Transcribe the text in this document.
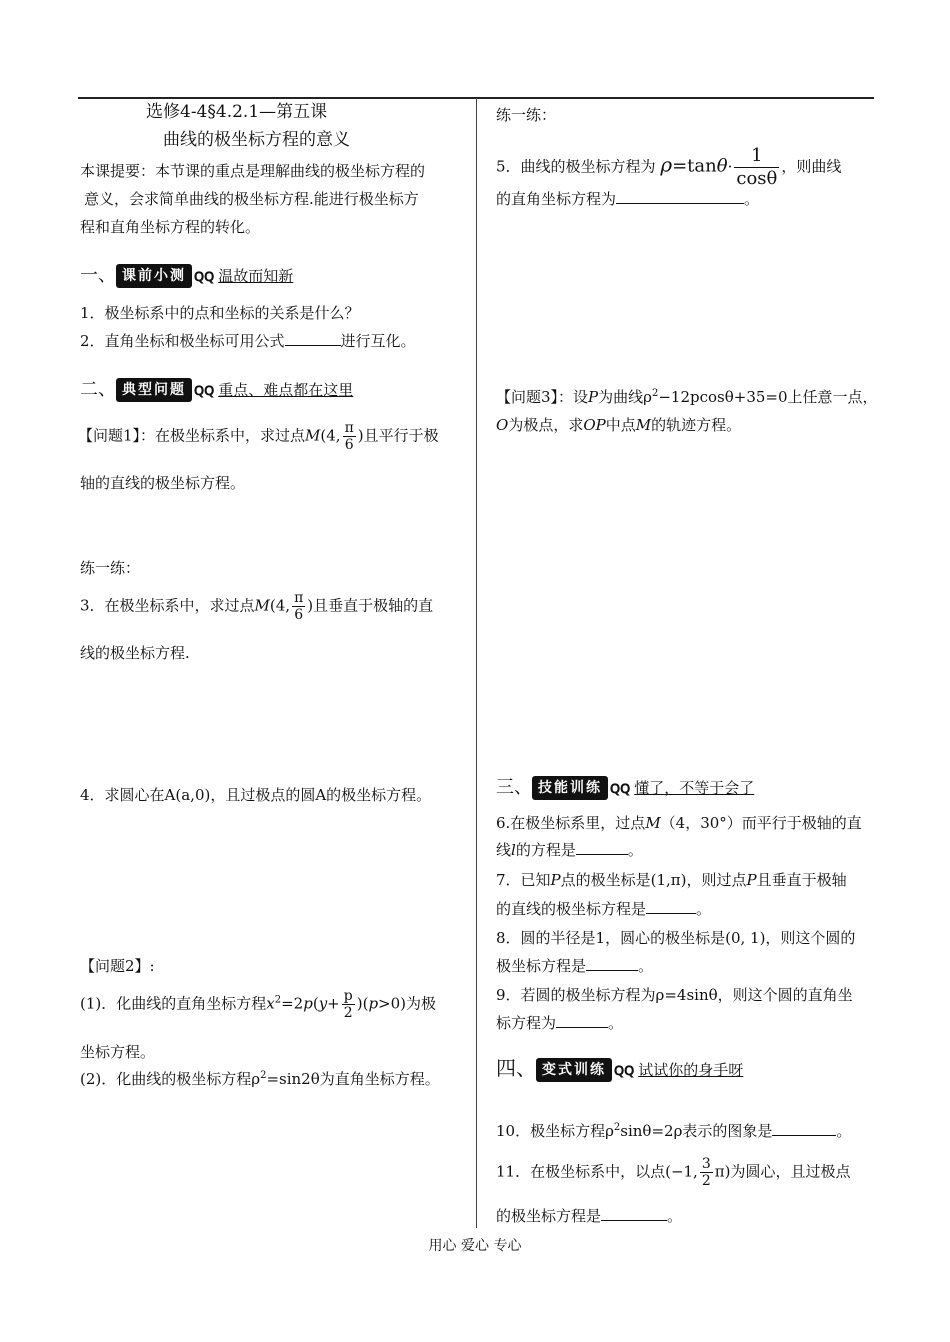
选修4-4§4.2.1—第五课
曲线的极坐标方程的意义
本课提要：本节课的重点是理解曲线的极坐标方程的
意义，会求简单曲线的极坐标方程.能进行极坐标方
程和直角坐标方程的转化。
一、 课前小测 ꞯꞯ 温故而知新
1．极坐标系中的点和坐标的关系是什么？
2．直角坐标和极坐标可用公式	进行互化。
二、 典型问题 ꞯꞯ 重点、难点都在这里
【问题1】：在极坐标系中，求过点M(4, $\frac{\pi}{6}$ )且平行于极
轴的直线的极坐标方程。
练一练：
3．在极坐标系中，求过点M(4, $\frac{\pi}{6}$ )且垂直于极轴的直
线的极坐标方程.
4．求圆心在A(a,0)，且过极点的圆A的极坐标方程。
【问题2】:
(1)．化曲线的直角坐标方程$x^2=2p(y+ \frac{p}{2} )(p>0)$为极
坐标方程。
(2)．化曲线的极坐标方程$\rho^2=\sin 2\theta$为直角坐标方程。
练一练：
5．曲线的极坐标方程为 $\rho=\tan\theta\cdot \frac{1}{\cos\theta}$ ，则曲线
的直角坐标方程为	。
【问题3】：设P为曲线$\rho^2-12pcos\theta+35=0$上任意一点，
O为极点，求OP中点M的轨迹方程。
三、 技能训练 ꞯꞯ 懂了，不等于会了
6.在极坐标系里，过点M（4，30°）而平行于极轴的直
线l的方程是	。
7．已知P点的极坐标是(1,π)，则过点P且垂直于极轴
的直线的极坐标方程是	。
8．圆的半径是1，圆心的极坐标是(0, 1)，则这个圆的
极坐标方程是	。
9．若圆的极坐标方程为ρ=4sinθ，则这个圆的直角坐
标方程为	。
四、 变式训练 ꞯꞯ 试试你的身手呀
10．极坐标方程$\rho^2\sin\theta=2\rho$表示的图象是	。
11．在极坐标系中，以点(−1, $\frac{3}{2} \pi$)为圆心，且过极点
的极坐标方程是	。
用心 爱心 专心
